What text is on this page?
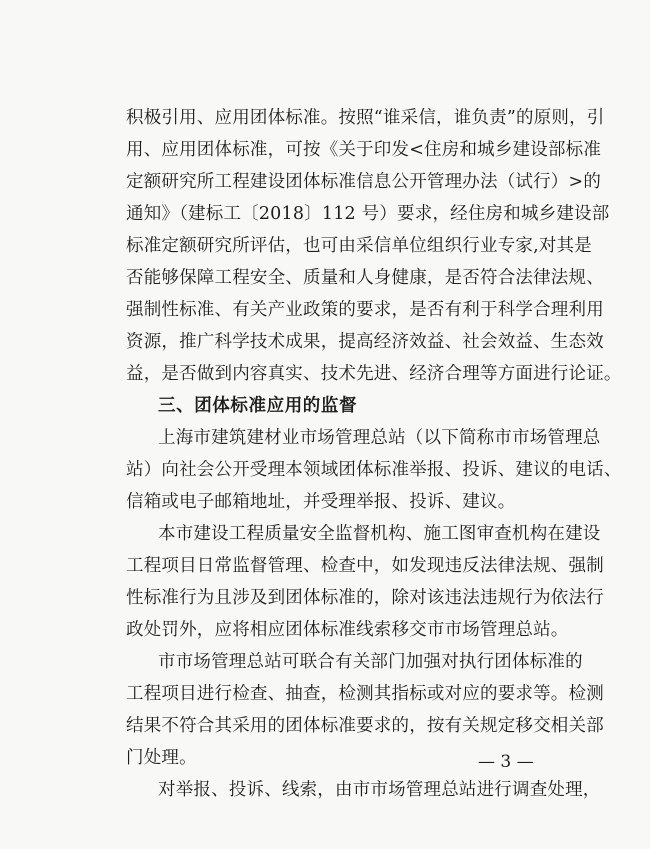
积极引用、应用团体标准。按照“谁采信，谁负责”的原则，引
用、应用团体标准，可按《关于印发<住房和城乡建设部标准
定额研究所工程建设团体标准信息公开管理办法（试行）>的
通知》（建标工〔2018〕112 号）要求，经住房和城乡建设部
标准定额研究所评估，也可由采信单位组织行业专家,对其是
否能够保障工程安全、质量和人身健康，是否符合法律法规、
强制性标准、有关产业政策的要求，是否有利于科学合理利用
资源，推广科学技术成果，提高经济效益、社会效益、生态效
益，是否做到内容真实、技术先进、经济合理等方面进行论证。
三、团体标准应用的监督
上海市建筑建材业市场管理总站（以下简称市市场管理总
站）向社会公开受理本领域团体标准举报、投诉、建议的电话、
信箱或电子邮箱地址，并受理举报、投诉、建议。
本市建设工程质量安全监督机构、施工图审查机构在建设
工程项目日常监督管理、检查中，如发现违反法律法规、强制
性标准行为且涉及到团体标准的，除对该违法违规行为依法行
政处罚外，应将相应团体标准线索移交市市场管理总站。
市市场管理总站可联合有关部门加强对执行团体标准的
工程项目进行检查、抽查，检测其指标或对应的要求等。检测
结果不符合其采用的团体标准要求的，按有关规定移交相关部
门处理。
对举报、投诉、线索，由市市场管理总站进行调查处理，
— 3 —
